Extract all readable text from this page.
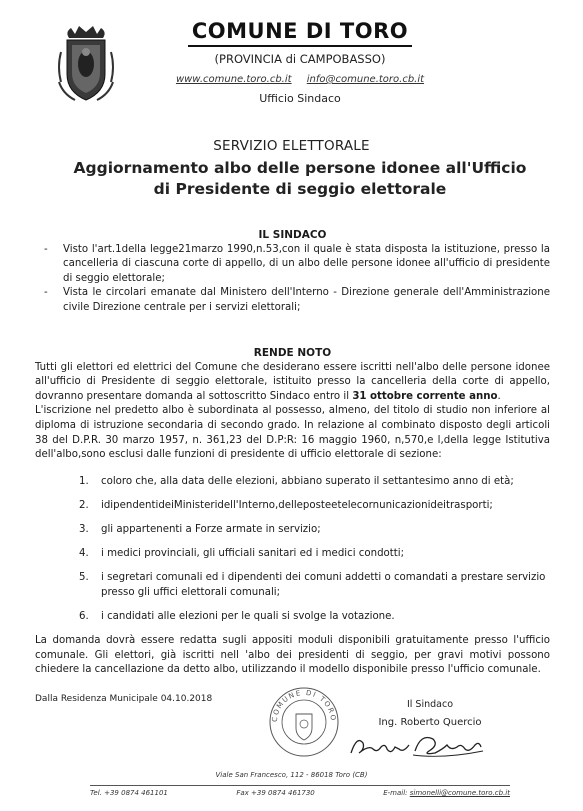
COMUNE DI TORO
(PROVINCIA di CAMPOBASSO)
www.comune.toro.cb.it info@comune.toro.cb.it
Ufficio Sindaco
SERVIZIO ELETTORALE
Aggiornamento albo delle persone idonee all'Ufficio
di Presidente di seggio elettorale
IL SINDACO
- Visto l'art.1della legge21marzo 1990,n.53,con il quale è stata disposta la istituzione, presso la cancelleria di ciascuna corte di appello, di un albo delle persone idonee all'ufficio di presidente di seggio elettorale;
- Vista le circolari emanate dal Ministero dell'Interno - Direzione generale dell'Amministrazione civile Direzione centrale per i servizi elettorali;
RENDE NOTO

Tutti gli elettori ed elettrici del Comune che desiderano essere iscritti nell'albo delle persone idonee all'ufficio di Presidente di seggio elettorale, istituito presso la cancelleria della corte di appello, dovranno presentare domanda al sottoscritto Sindaco entro il 31 ottobre corrente anno.

L'iscrizione nel predetto albo è subordinata al possesso, almeno, del titolo di studio non inferiore al diploma di istruzione secondaria di secondo grado. In relazione al combinato disposto degli articoli 38 del D.P.R. 30 marzo 1957, n. 361,23 del D.P:R: 16 maggio 1960, n,570,e l,della legge Istitutiva dell'albo,sono esclusi dalle funzioni di presidente di ufficio elettorale di sezione:

1. coloro che, alla data delle elezioni, abbiano superato il settantesimo anno di età;
2. idipendentideiMinisteridell'Interno,delleposteetelecornunicazionideitrasporti;
3. gli appartenenti a Forze armate in servizio;
4. i medici provinciali, gli ufficiali sanitari ed i medici condotti;
5. i segretari comunali ed i dipendenti dei comuni addetti o comandati a prestare servizio presso gli uffici elettorali comunali;
6. i candidati alle elezioni per le quali si svolge la votazione.

La domanda dovrà essere redatta sugli appositi moduli disponibili gratuitamente presso l'ufficio comunale. Gli elettori, già iscritti nell 'albo dei presidenti di seggio, per gravi motivi possono chiedere la cancellazione da detto albo, utilizzando il modello disponibile presso l'ufficio comunale.

Dalla Residenza Municipale 04.10.2018
COMUNE DI TORO
Il Sindaco
Ing. Roberto Quercio
Viale San Francesco, 112 - 86018 Toro (CB)
Tel. +39 0874 461101	Fax +39 0874 461730	E-mail: simonelli@comune.toro.cb.it
